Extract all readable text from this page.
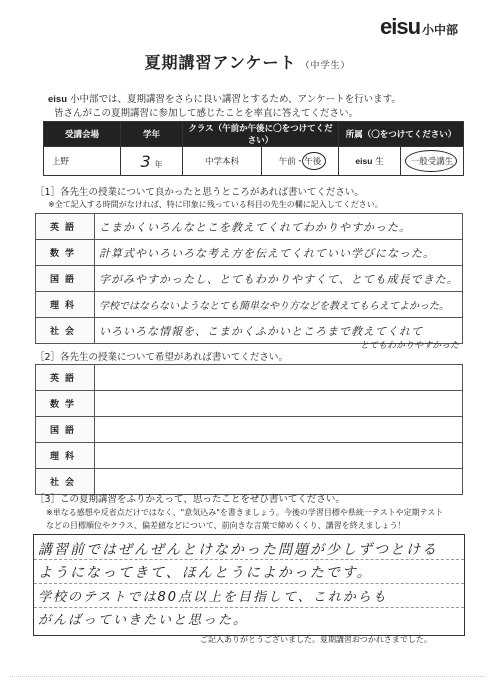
eisu 小中部
夏期講習アンケート （中学生）
eisu 小中部では、夏期講習をさらに良い講習とするため、アンケートを行います。
皆さんがこの夏期講習に参加して感じたことを率直に答えてください。
受講会場	学年	クラス（午前か午後に〇をつけてください）		所属（〇をつけてください）	
上野	3 年	中学本科	午前・午後	eisu 生	一般受講生
［1］各先生の授業について良かったと思うところがあれば書いてください。
※全て記入する時間がなければ、特に印象に残っている科目の先生の欄に記入してください。
英語	こまかくいろんなとこを教えてくれてわかりやすかった。
数学	計算式やいろいろな考え方を伝えてくれていい学びになった。
国語	字がみやすかったし、とてもわかりやすくて、とても成長できた。
理科	学校ではならないようなとても簡単なやり方などを教えてもらえてよかった。
社会	いろいろな情報を、こまかくふかいところまで教えてくれて
とてもわかりやすかった
［2］各先生の授業について希望があれば書いてください。
英語	
数学	
国語	
理科	
社会	
［3］この夏期講習をふりかえって、思ったことをぜひ書いてください。
※単なる感想や反省点だけではなく、"意気込み"を書きましょう。今後の学習目標や県統一テストや定期テスト
などの目標順位やクラス、偏差値などについて、前向きな言葉で締めくくり、講習を終えましょう！
講習前ではぜんぜんとけなかった問題が少しずつとける
ようになってきて、ほんとうによかったです。
学校のテストでは80点以上を目指して、これからも
がんばっていきたいと思った。
ご記入ありがとうございました。夏期講習おつかれさまでした。
